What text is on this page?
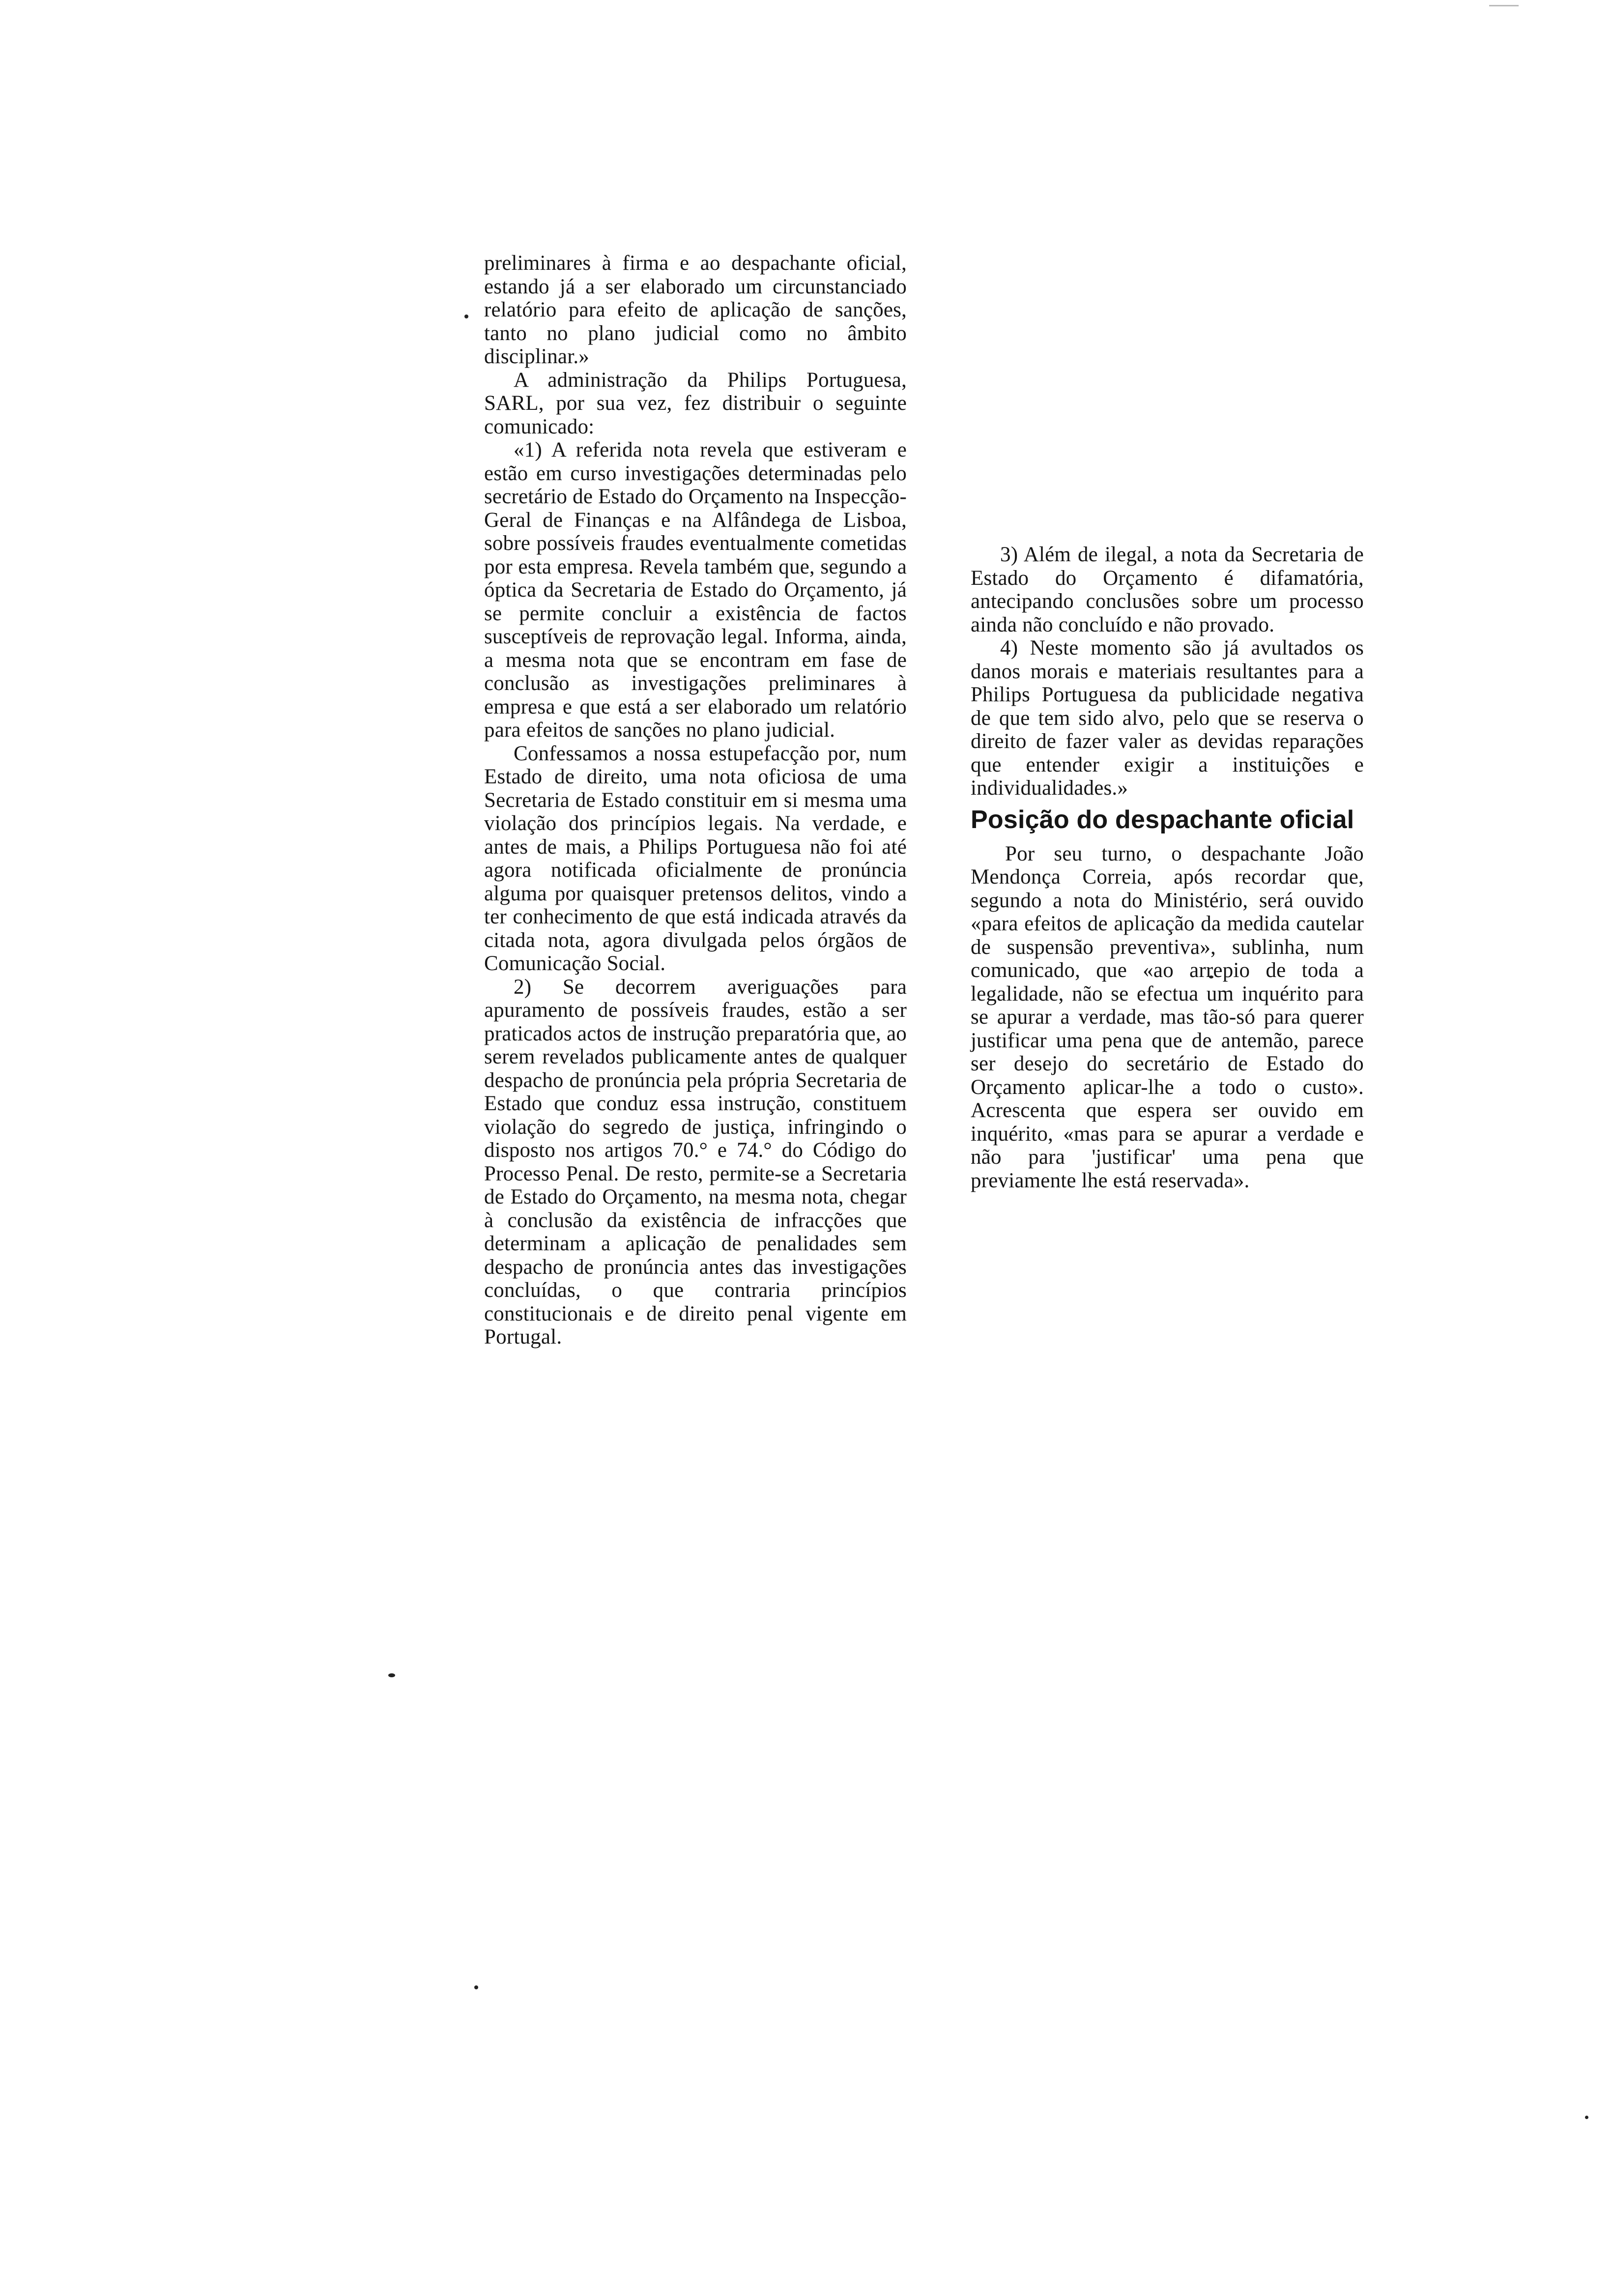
preliminares à firma e ao despachante oficial, estando já a ser elaborado um circunstanciado relatório para efeito de aplicação de sanções, tanto no plano judicial como no âmbito disciplinar.»

A administração da Philips Portuguesa, SARL, por sua vez, fez distribuir o seguinte comunicado:

«1) A referida nota revela que estiveram e estão em curso investigações determinadas pelo secretário de Estado do Orçamento na Inspecção-Geral de Finanças e na Alfândega de Lisboa, sobre possíveis fraudes eventualmente cometidas por esta empresa. Revela também que, segundo a óptica da Secretaria de Estado do Orçamento, já se permite concluir a existência de factos susceptíveis de reprovação legal. Informa, ainda, a mesma nota que se encontram em fase de conclusão as investigações preliminares à empresa e que está a ser elaborado um relatório para efeitos de sanções no plano judicial.

Confessamos a nossa estupefacção por, num Estado de direito, uma nota oficiosa de uma Secretaria de Estado constituir em si mesma uma violação dos princípios legais. Na verdade, e antes de mais, a Philips Portuguesa não foi até agora notificada oficialmente de pronúncia alguma por quaisquer pretensos delitos, vindo a ter conhecimento de que está indicada através da citada nota, agora divulgada pelos órgãos de Comunicação Social.

2) Se decorrem averiguações para apuramento de possíveis fraudes, estão a ser praticados actos de instrução preparatória que, ao serem revelados publicamente antes de qualquer despacho de pronúncia pela própria Secretaria de Estado que conduz essa instrução, constituem violação do segredo de justiça, infringindo o disposto nos artigos 70.° e 74.° do Código do Processo Penal. De resto, permite-se a Secretaria de Estado do Orçamento, na mesma nota, chegar à conclusão da existência de infracções que determinam a aplicação de penalidades sem despacho de pronúncia antes das investigações concluídas, o que contraria princípios constitucionais e de direito penal vigente em Portugal.

3) Além de ilegal, a nota da Secretaria de Estado do Orçamento é difamatória, antecipando conclusões sobre um processo ainda não concluído e não provado.

4) Neste momento são já avultados os danos morais e materiais resultantes para a Philips Portuguesa da publicidade negativa de que tem sido alvo, pelo que se reserva o direito de fazer valer as devidas reparações que entender exigir a instituições e individualidades.»

Posição do despachante oficial

Por seu turno, o despachante João Mendonça Correia, após recordar que, segundo a nota do Ministério, será ouvido «para efeitos de aplicação da medida cautelar de suspensão preventiva», sublinha, num comunicado, que «ao arrepio de toda a legalidade, não se efectua um inquérito para se apurar a verdade, mas tão-só para querer justificar uma pena que de antemão, parece ser desejo do secretário de Estado do Orçamento aplicar-lhe a todo o custo». Acrescenta que espera ser ouvido em inquérito, «mas para se apurar a verdade e não para 'justificar' uma pena que previamente lhe está reservada».
